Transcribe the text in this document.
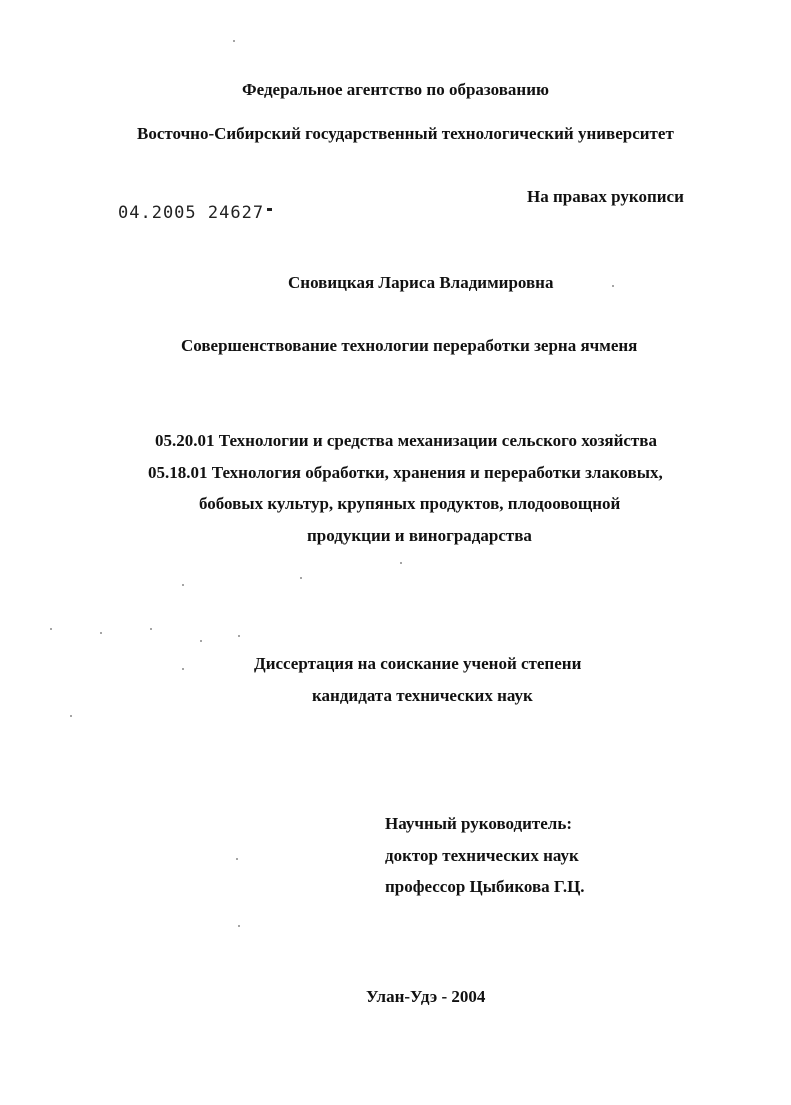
Федеральное агентство по образованию
Восточно-Сибирский государственный технологический университет
На правах рукописи
04.2005 24627
Сновицкая Лариса Владимировна
Совершенствование технологии переработки зерна ячменя
05.20.01 Технологии и средства механизации сельского хозяйства
05.18.01 Технология обработки, хранения и переработки злаковых,
бобовых культур, крупяных продуктов, плодоовощной
продукции и виноградарства
Диссертация на соискание ученой степени
кандидата технических наук
Научный руководитель:
доктор технических наук
профессор Цыбикова Г.Ц.
Улан-Удэ - 2004
